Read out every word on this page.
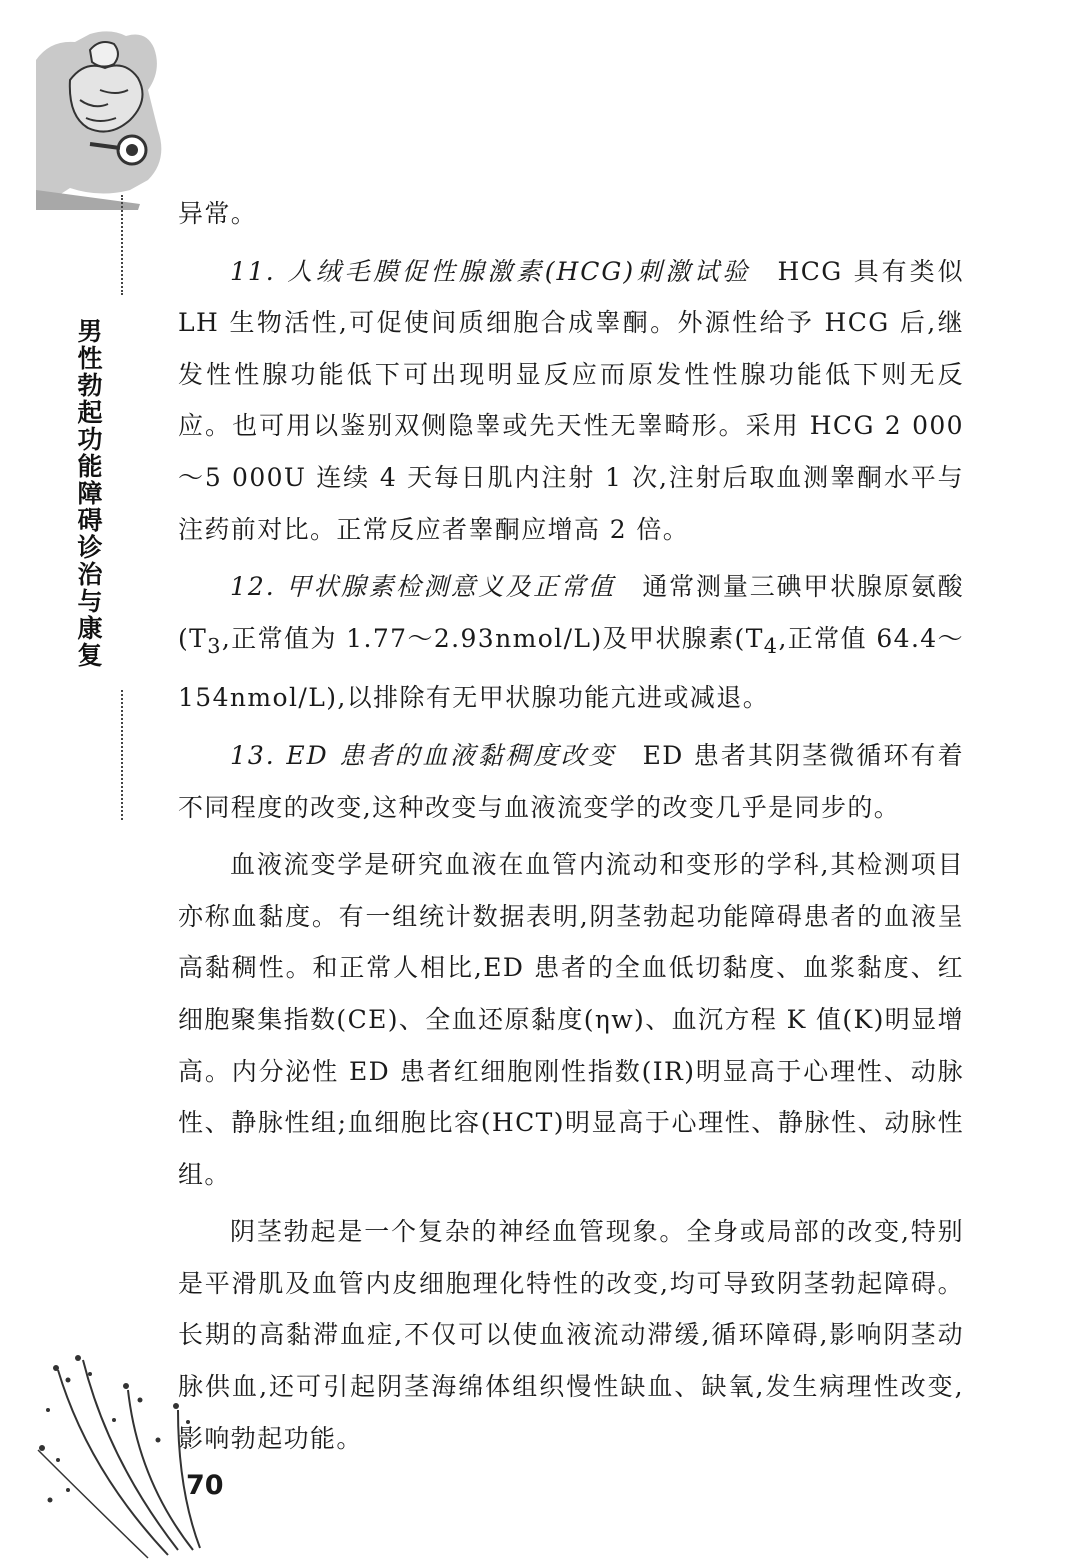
男性勃起功能障碍诊治与康复

异常。

11. 人绒毛膜促性腺激素(HCG)刺激试验  HCG 具有类似 LH 生物活性,可促使间质细胞合成睾酮。外源性给予 HCG 后,继发性性腺功能低下可出现明显反应而原发性性腺功能低下则无反应。也可用以鉴别双侧隐睾或先天性无睾畸形。采用 HCG 2 000～5 000U 连续 4 天每日肌内注射 1 次,注射后取血测睾酮水平与注药前对比。正常反应者睾酮应增高 2 倍。

12. 甲状腺素检测意义及正常值  通常测量三碘甲状腺原氨酸($T_3$,正常值为 1.77～2.93nmol/L)及甲状腺素($T_4$,正常值 64.4～154nmol/L),以排除有无甲状腺功能亢进或减退。

13. ED 患者的血液黏稠度改变  ED 患者其阴茎微循环有着不同程度的改变,这种改变与血液流变学的改变几乎是同步的。

血液流变学是研究血液在血管内流动和变形的学科,其检测项目亦称血黏度。有一组统计数据表明,阴茎勃起功能障碍患者的血液呈高黏稠性。和正常人相比,ED 患者的全血低切黏度、血浆黏度、红细胞聚集指数(CE)、全血还原黏度(ηw)、血沉方程 K 值(K)明显增高。内分泌性 ED 患者红细胞刚性指数(IR)明显高于心理性、动脉性、静脉性组;血细胞比容(HCT)明显高于心理性、静脉性、动脉性组。

阴茎勃起是一个复杂的神经血管现象。全身或局部的改变,特别是平滑肌及血管内皮细胞理化特性的改变,均可导致阴茎勃起障碍。长期的高黏滞血症,不仅可以使血液流动滞缓,循环障碍,影响阴茎动脉供血,还可引起阴茎海绵体组织慢性缺血、缺氧,发生病理性改变,影响勃起功能。

70
